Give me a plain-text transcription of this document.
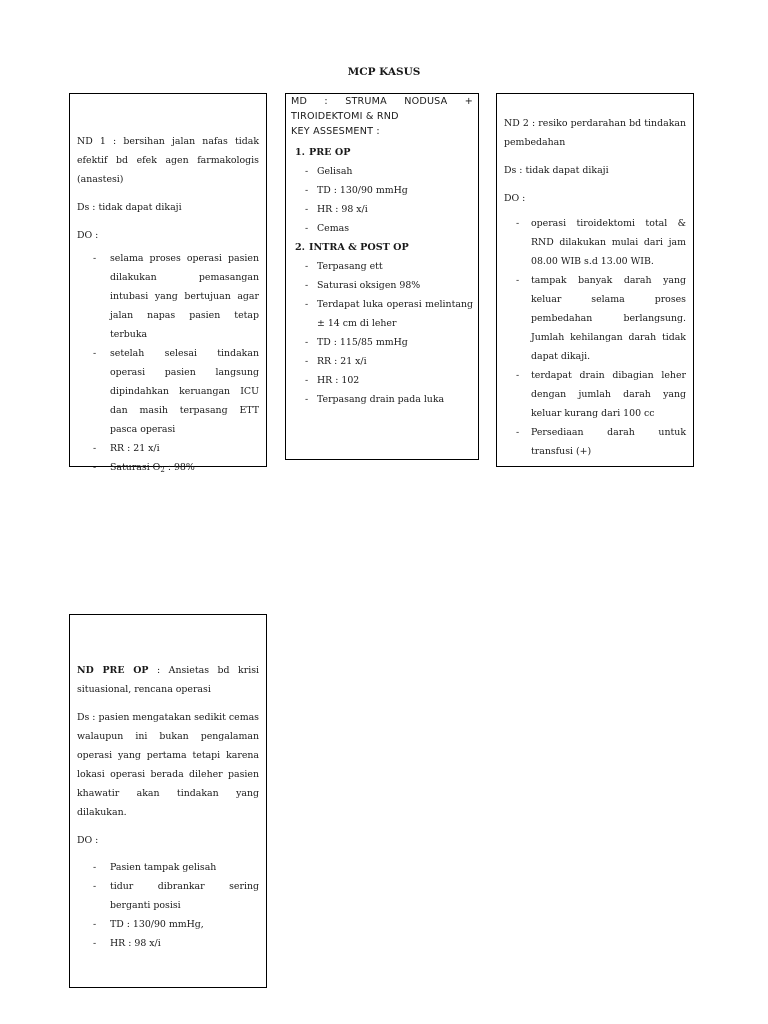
MCP KASUS

ND 1 : bersihan jalan nafas tidak efektif bd efek agen farmakologis (anastesi)

Ds : tidak dapat dikaji

DO :

- selama proses operasi pasien dilakukan pemasangan intubasi yang bertujuan agar jalan napas pasien tetap terbuka
- setelah selesai tindakan operasi pasien langsung dipindahkan keruangan ICU dan masih terpasang ETT pasca operasi
- RR : 21 x/i
- Saturasi $O_2$ : 98%
MD : STRUMA NODUSA +
TIROIDEKTOMI & RND
KEY ASSESMENT :
1. PRE OP
- Gelisah
- TD : 130/90 mmHg
- HR : 98 x/i
- Cemas
2. INTRA & POST OP
- Terpasang ett
- Saturasi oksigen 98%
- Terdapat luka operasi melintang ± 14 cm di leher
- TD : 115/85 mmHg
- RR : 21 x/i
- HR : 102
- Terpasang drain pada luka

ND 2 : resiko perdarahan bd tindakan pembedahan

Ds : tidak dapat dikaji

DO :

- operasi tiroidektomi total & RND dilakukan mulai dari jam 08.00 WIB s.d 13.00 WIB.
- tampak banyak darah yang keluar selama proses pembedahan berlangsung. Jumlah kehilangan darah tidak dapat dikaji.
- terdapat drain dibagian leher dengan jumlah darah yang keluar kurang dari 100 cc
- Persediaan darah untuk transfusi (+)

ND PRE OP : Ansietas bd krisi situasional, rencana operasi

Ds : pasien mengatakan sedikit cemas walaupun ini bukan pengalaman operasi yang pertama tetapi karena lokasi operasi berada dileher pasien khawatir akan tindakan yang dilakukan.

DO :

- Pasien tampak gelisah
- tidur dibrankar sering berganti posisi
- TD : 130/90 mmHg,
- HR : 98 x/i
